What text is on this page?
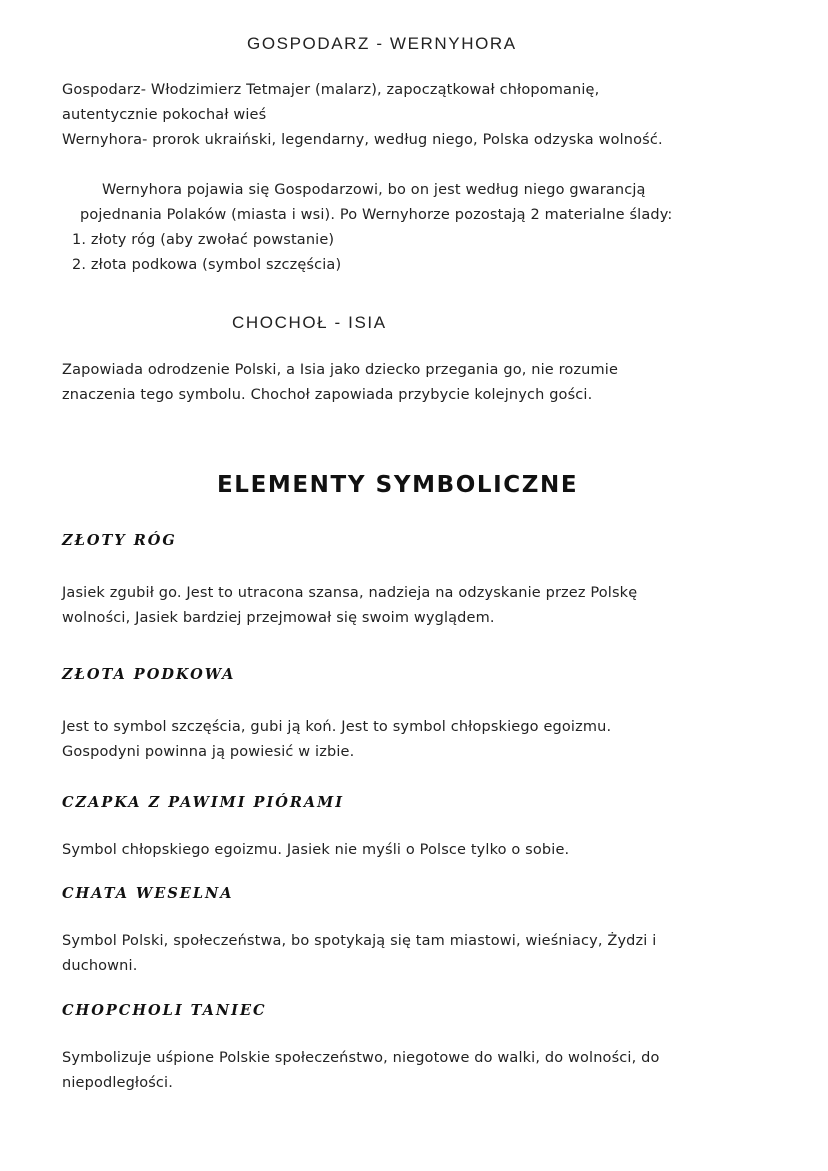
GOSPODARZ - WERNYHORA
Gospodarz- Włodzimierz Tetmajer (malarz), zapoczątkował chłopomanię,
autentycznie pokochał wieś
Wernyhora- prorok ukraiński, legendarny, według niego, Polska odzyska wolność.
Wernyhora pojawia się Gospodarzowi, bo on jest według niego gwarancją
pojednania Polaków (miasta i wsi). Po Wernyhorze pozostają 2 materialne ślady:
1. złoty róg (aby zwołać powstanie)
2. złota podkowa (symbol szczęścia)
CHOCHOŁ - ISIA
Zapowiada odrodzenie Polski, a Isia jako dziecko przegania go, nie rozumie
znaczenia tego symbolu. Chochoł zapowiada przybycie kolejnych gości.
ELEMENTY SYMBOLICZNE
ZŁOTY RÓG
Jasiek zgubił go. Jest to utracona szansa, nadzieja na odzyskanie przez Polskę
wolności, Jasiek bardziej przejmował się swoim wyglądem.
ZŁOTA PODKOWA
Jest to symbol szczęścia, gubi ją koń. Jest to symbol chłopskiego egoizmu.
Gospodyni powinna ją powiesić w izbie.
CZAPKA Z PAWIMI PIÓRAMI
Symbol chłopskiego egoizmu. Jasiek nie myśli o Polsce tylko o sobie.
CHATA WESELNA
Symbol Polski, społeczeństwa, bo spotykają się tam miastowi, wieśniacy, Żydzi i
duchowni.
CHOPCHOLI TANIEC
Symbolizuje uśpione Polskie społeczeństwo, niegotowe do walki, do wolności, do
niepodległości.
